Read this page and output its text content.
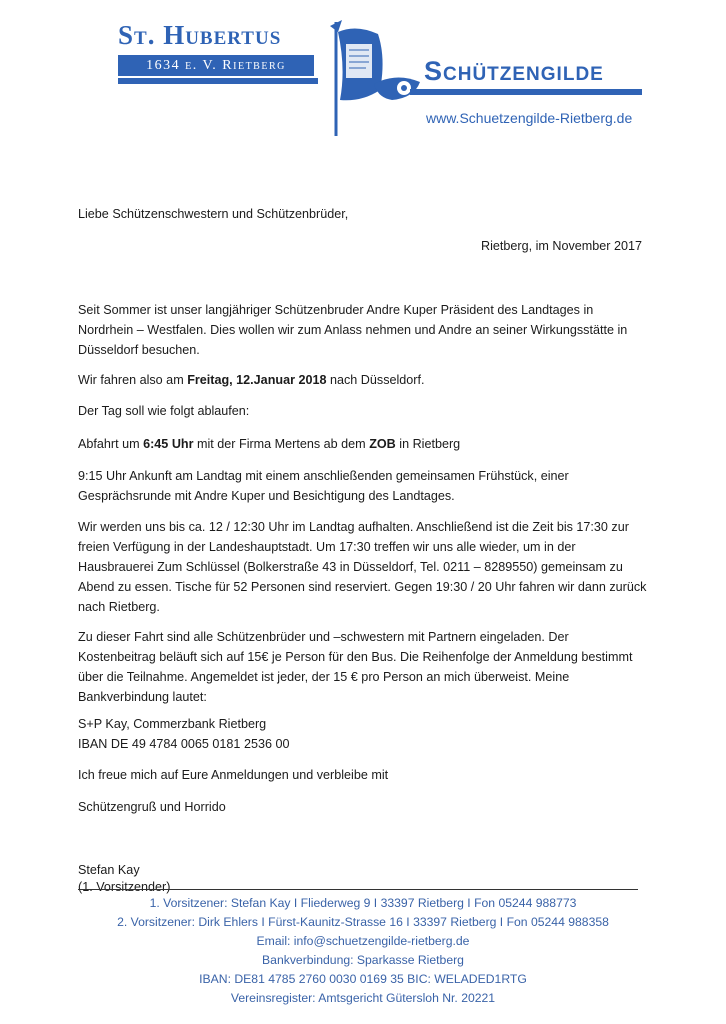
St. Hubertus
1634 e. V. Rietberg	Schützengilde
www.Schuetzengilde-Rietberg.de
Liebe Schützenschwestern und Schützenbrüder,
Rietberg, im November 2017
Seit Sommer ist unser langjähriger Schützenbruder Andre Kuper Präsident des Landtages in
Nordrhein – Westfalen. Dies wollen wir zum Anlass nehmen und Andre an seiner Wirkungsstätte in
Düsseldorf besuchen.
Wir fahren also am Freitag, 12.Januar 2018 nach Düsseldorf.
Der Tag soll wie folgt ablaufen:
Abfahrt um 6:45 Uhr mit der Firma Mertens ab dem ZOB in Rietberg
9:15 Uhr Ankunft am Landtag mit einem anschließenden gemeinsamen Frühstück, einer
Gesprächsrunde mit Andre Kuper und Besichtigung des Landtages.
Wir werden uns bis ca. 12 / 12:30 Uhr im Landtag aufhalten. Anschließend ist die Zeit bis 17:30 zur
freien Verfügung in der Landeshauptstadt. Um 17:30 treffen wir uns alle wieder, um in der
Hausbrauerei Zum Schlüssel (Bolkerstraße 43 in Düsseldorf, Tel. 0211 – 8289550) gemeinsam zu
Abend zu essen. Tische für 52 Personen sind reserviert. Gegen 19:30 / 20 Uhr fahren wir dann zurück
nach Rietberg.
Zu dieser Fahrt sind alle Schützenbrüder und –schwestern mit Partnern eingeladen. Der
Kostenbeitrag beläuft sich auf 15€ je Person für den Bus. Die Reihenfolge der Anmeldung bestimmt
über die Teilnahme. Angemeldet ist jeder, der 15 € pro Person an mich überweist. Meine
Bankverbindung lautet:
S+P Kay, Commerzbank Rietberg
IBAN DE 49 4784 0065 0181 2536 00
Ich freue mich auf Eure Anmeldungen und verbleibe mit
Schützengruß und Horrido
Stefan Kay
(1. Vorsitzender)
1. Vorsitzener: Stefan Kay I Fliederweg 9 I 33397 Rietberg I Fon 05244 988773
2. Vorsitzener: Dirk Ehlers I Fürst-Kaunitz-Strasse 16 I 33397 Rietberg I Fon 05244 988358
Email: info@schuetzengilde-rietberg.de
Bankverbindung: Sparkasse Rietberg
IBAN: DE81 4785 2760 0030 0169 35 BIC: WELADED1RTG
Vereinsregister: Amtsgericht Gütersloh Nr. 20221
